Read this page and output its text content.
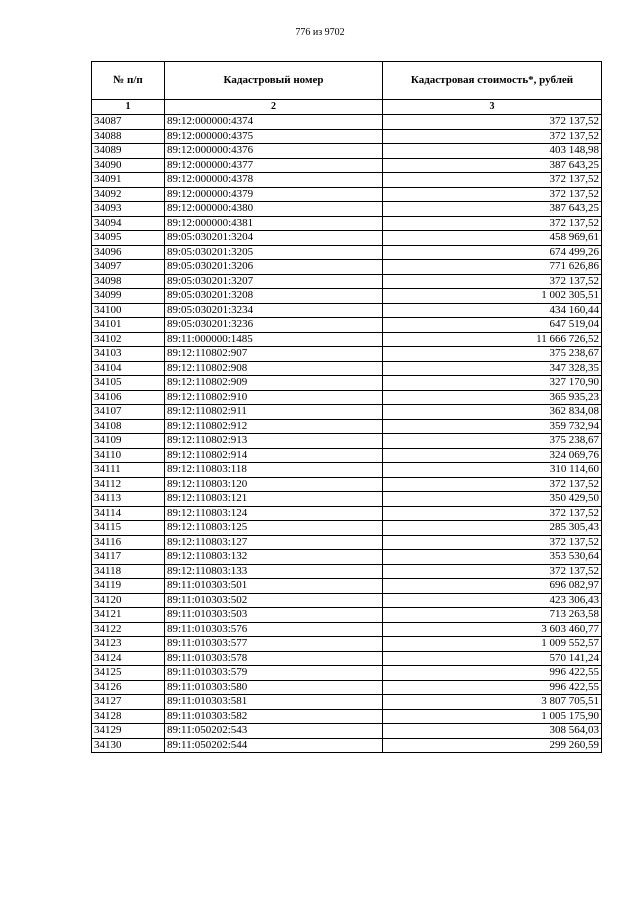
776 из 9702
№ п/п	Кадастровый номер	Кадастровая стоимость*, рублей
1	2	3
34087	89:12:000000:4374	372 137,52
34088	89:12:000000:4375	372 137,52
34089	89:12:000000:4376	403 148,98
34090	89:12:000000:4377	387 643,25
34091	89:12:000000:4378	372 137,52
34092	89:12:000000:4379	372 137,52
34093	89:12:000000:4380	387 643,25
34094	89:12:000000:4381	372 137,52
34095	89:05:030201:3204	458 969,61
34096	89:05:030201:3205	674 499,26
34097	89:05:030201:3206	771 626,86
34098	89:05:030201:3207	372 137,52
34099	89:05:030201:3208	1 002 305,51
34100	89:05:030201:3234	434 160,44
34101	89:05:030201:3236	647 519,04
34102	89:11:000000:1485	11 666 726,52
34103	89:12:110802:907	375 238,67
34104	89:12:110802:908	347 328,35
34105	89:12:110802:909	327 170,90
34106	89:12:110802:910	365 935,23
34107	89:12:110802:911	362 834,08
34108	89:12:110802:912	359 732,94
34109	89:12:110802:913	375 238,67
34110	89:12:110802:914	324 069,76
34111	89:12:110803:118	310 114,60
34112	89:12:110803:120	372 137,52
34113	89:12:110803:121	350 429,50
34114	89:12:110803:124	372 137,52
34115	89:12:110803:125	285 305,43
34116	89:12:110803:127	372 137,52
34117	89:12:110803:132	353 530,64
34118	89:12:110803:133	372 137,52
34119	89:11:010303:501	696 082,97
34120	89:11:010303:502	423 306,43
34121	89:11:010303:503	713 263,58
34122	89:11:010303:576	3 603 460,77
34123	89:11:010303:577	1 009 552,57
34124	89:11:010303:578	570 141,24
34125	89:11:010303:579	996 422,55
34126	89:11:010303:580	996 422,55
34127	89:11:010303:581	3 807 705,51
34128	89:11:010303:582	1 005 175,90
34129	89:11:050202:543	308 564,03
34130	89:11:050202:544	299 260,59
